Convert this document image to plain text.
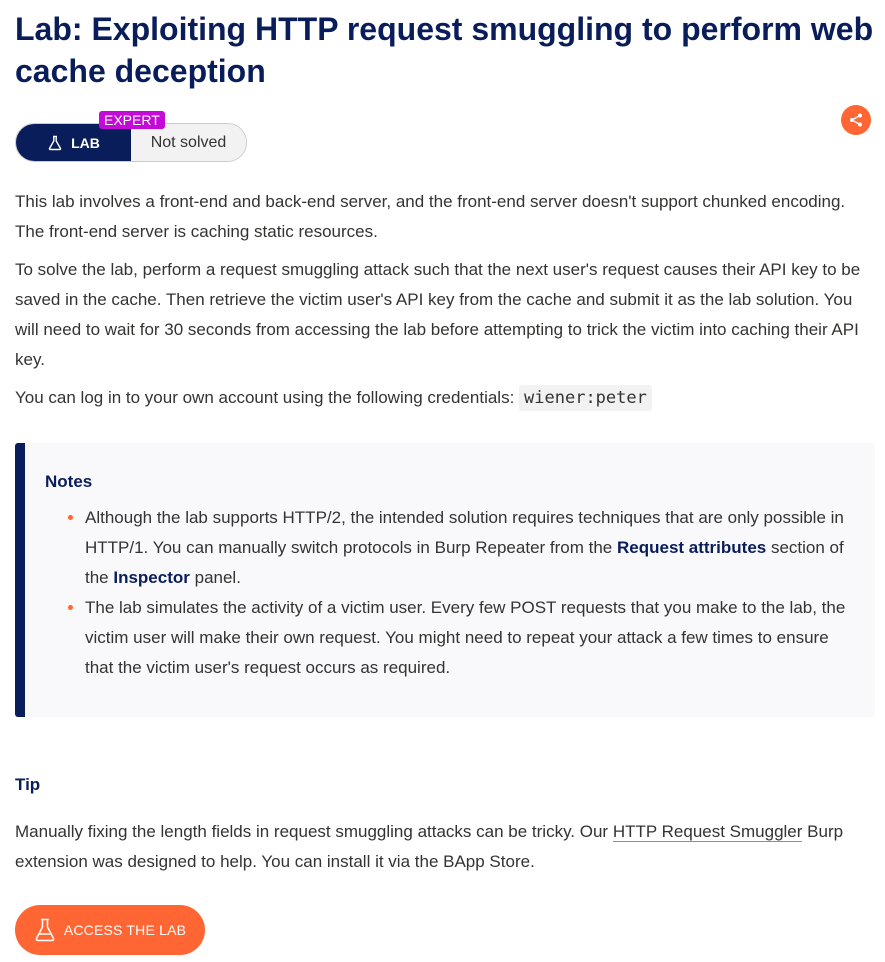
Lab: Exploiting HTTP request smuggling to perform web cache deception
LAB	Not solved
EXPERT

This lab involves a front-end and back-end server, and the front-end server doesn't support chunked encoding. The front-end server is caching static resources.

To solve the lab, perform a request smuggling attack such that the next user's request causes their API key to be saved in the cache. Then retrieve the victim user's API key from the cache and submit it as the lab solution. You will need to wait for 30 seconds from accessing the lab before attempting to trick the victim into caching their API key.

You can log in to your own account using the following credentials: wiener:peter

Notes
• Although the lab supports HTTP/2, the intended solution requires techniques that are only possible in HTTP/1. You can manually switch protocols in Burp Repeater from the Request attributes section of the Inspector panel.
• The lab simulates the activity of a victim user. Every few POST requests that you make to the lab, the victim user will make their own request. You might need to repeat your attack a few times to ensure that the victim user's request occurs as required.
Tip

Manually fixing the length fields in request smuggling attacks can be tricky. Our HTTP Request Smuggler Burp extension was designed to help. You can install it via the BApp Store.

ACCESS THE LAB
